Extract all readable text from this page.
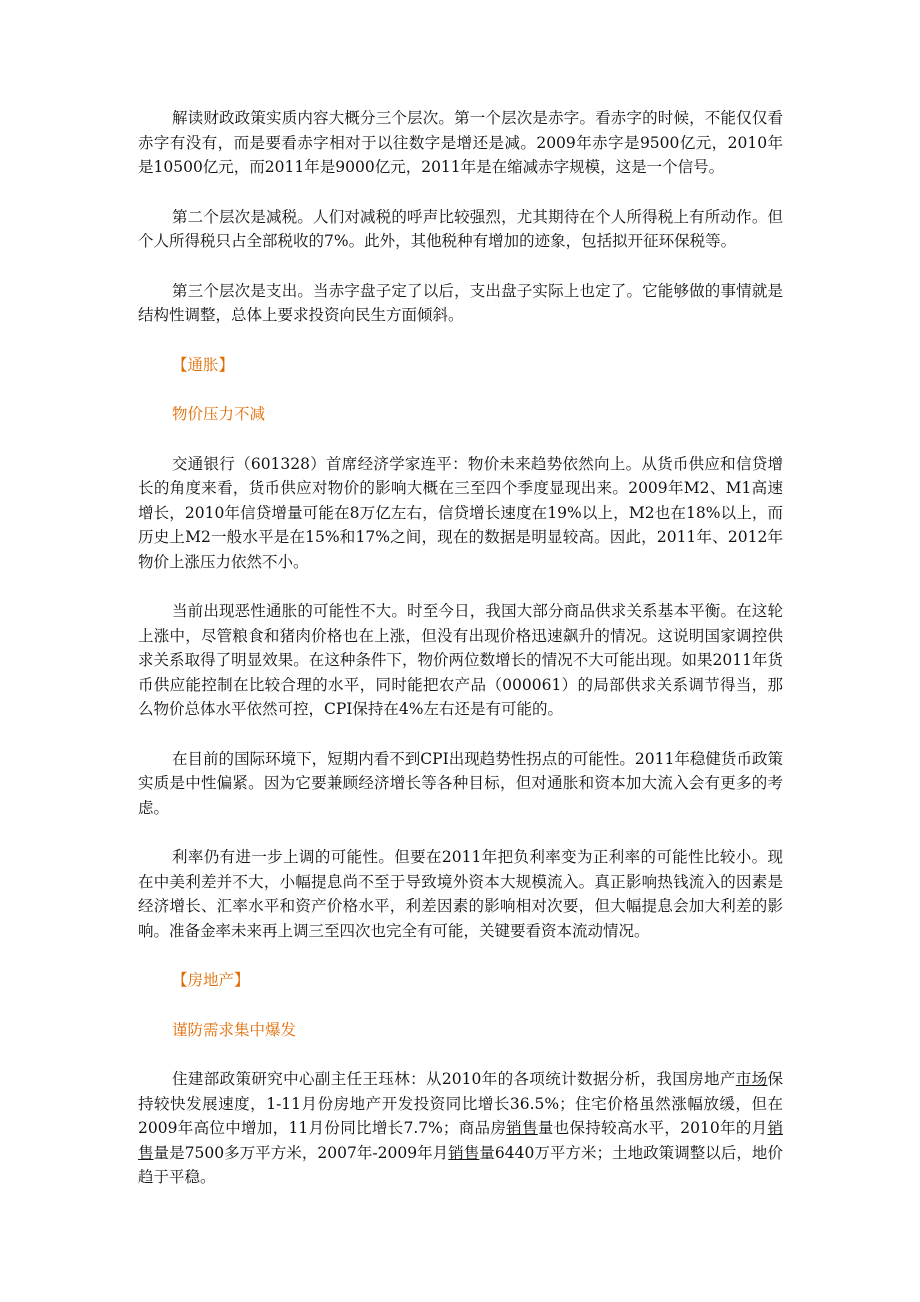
解读财政政策实质内容大概分三个层次。第一个层次是赤字。看赤字的时候，不能仅仅看赤字有没有，而是要看赤字相对于以往数字是增还是减。2009年赤字是9500亿元，2010年是10500亿元，而2011年是9000亿元，2011年是在缩减赤字规模，这是一个信号。

第二个层次是减税。人们对减税的呼声比较强烈，尤其期待在个人所得税上有所动作。但个人所得税只占全部税收的7%。此外，其他税种有增加的迹象，包括拟开征环保税等。

第三个层次是支出。当赤字盘子定了以后，支出盘子实际上也定了。它能够做的事情就是结构性调整，总体上要求投资向民生方面倾斜。

【通胀】

物价压力不减

交通银行（601328）首席经济学家连平：物价未来趋势依然向上。从货币供应和信贷增长的角度来看，货币供应对物价的影响大概在三至四个季度显现出来。2009年M2、M1高速增长，2010年信贷增量可能在8万亿左右，信贷增长速度在19%以上，M2也在18%以上，而历史上M2一般水平是在15%和17%之间，现在的数据是明显较高。因此，2011年、2012年物价上涨压力依然不小。

当前出现恶性通胀的可能性不大。时至今日，我国大部分商品供求关系基本平衡。在这轮上涨中，尽管粮食和猪肉价格也在上涨，但没有出现价格迅速飙升的情况。这说明国家调控供求关系取得了明显效果。在这种条件下，物价两位数增长的情况不大可能出现。如果2011年货币供应能控制在比较合理的水平，同时能把农产品（000061）的局部供求关系调节得当，那么物价总体水平依然可控，CPI保持在4%左右还是有可能的。

在目前的国际环境下，短期内看不到CPI出现趋势性拐点的可能性。2011年稳健货币政策实质是中性偏紧。因为它要兼顾经济增长等各种目标，但对通胀和资本加大流入会有更多的考虑。

利率仍有进一步上调的可能性。但要在2011年把负利率变为正利率的可能性比较小。现在中美利差并不大，小幅提息尚不至于导致境外资本大规模流入。真正影响热钱流入的因素是经济增长、汇率水平和资产价格水平，利差因素的影响相对次要，但大幅提息会加大利差的影响。准备金率未来再上调三至四次也完全有可能，关键要看资本流动情况。

【房地产】

谨防需求集中爆发

住建部政策研究中心副主任王珏林：从2010年的各项统计数据分析，我国房地产市场保持较快发展速度，1-11月份房地产开发投资同比增长36.5%；住宅价格虽然涨幅放缓，但在2009年高位中增加，11月份同比增长7.7%；商品房销售量也保持较高水平，2010年的月销售量是7500多万平方米，2007年-2009年月销售量6440万平方米；土地政策调整以后，地价趋于平稳。
